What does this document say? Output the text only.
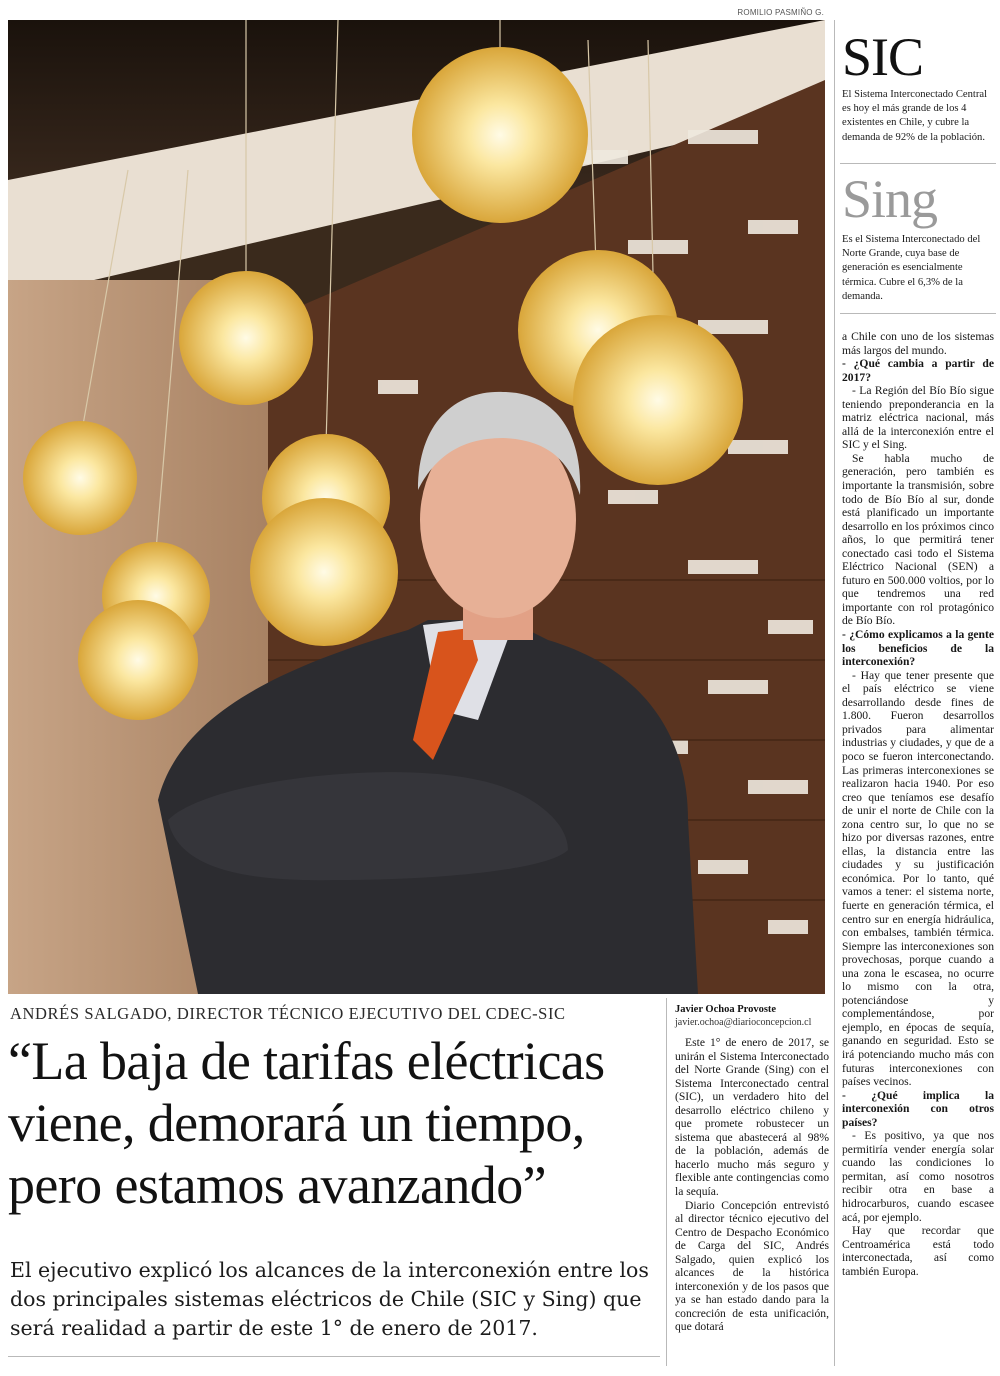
ROMILIO PASMIÑO G.
SIC
El Sistema Interconectado Central es hoy el más grande de los 4 existentes en Chile, y cubre la demanda de 92% de la población.
Sing
Es el Sistema Interconectado del Norte Grande, cuya base de generación es esencialmente térmica. Cubre el 6,3% de la demanda.
ANDRÉS SALGADO, DIRECTOR TÉCNICO EJECUTIVO DEL CDEC-SIC
“La baja de tarifas eléctricas viene, demorará un tiempo, pero estamos avanzando”
El ejecutivo explicó los alcances de la interconexión entre los dos principales sistemas eléctricos de Chile (SIC y Sing) que será realidad a partir de este 1° de enero de 2017.
Javier Ochoa Provoste
javier.ochoa@diarioconcepcion.cl

Este 1° de enero de 2017, se unirán el Sistema Interconectado del Norte Grande (Sing) con el Sistema Interconectado central (SIC), un verdadero hito del desarrollo eléctrico chileno y que promete robustecer un sistema que abastecerá al 98% de la población, además de hacerlo mucho más seguro y flexible ante contingencias como la sequía.

Diario Concepción entrevistó al director técnico ejecutivo del Centro de Despacho Económico de Carga del SIC, Andrés Salgado, quien explicó los alcances de la histórica interconexión y de los pasos que ya se han estado dando para la concreción de esta unificación, que dotará

a Chile con uno de los sistemas más largos del mundo.

- ¿Qué cambia a partir de 2017?

- La Región del Bío Bío sigue teniendo preponderancia en la matriz eléctrica nacional, más allá de la interconexión entre el SIC y el Sing.

Se habla mucho de generación, pero también es importante la transmisión, sobre todo de Bío Bío al sur, donde está planificado un importante desarrollo en los próximos cinco años, lo que permitirá tener conectado casi todo el Sistema Eléctrico Nacional (SEN) a futuro en 500.000 voltios, por lo que tendremos una red importante con rol protagónico de Bío Bío.

- ¿Cómo explicamos a la gente los beneficios de la interconexión?

- Hay que tener presente que el país eléctrico se viene desarrollando desde fines de 1.800. Fueron desarrollos privados para alimentar industrias y ciudades, y que de a poco se fueron interconectando. Las primeras interconexiones se realizaron hacia 1940. Por eso creo que teníamos ese desafío de unir el norte de Chile con la zona centro sur, lo que no se hizo por diversas razones, entre ellas, la distancia entre las ciudades y su justificación económica. Por lo tanto, qué vamos a tener: el sistema norte, fuerte en generación térmica, el centro sur en energía hidráulica, con embalses, también térmica. Siempre las interconexiones son provechosas, porque cuando a una zona le escasea, no ocurre lo mismo con la otra, potenciándose y complementándose, por ejemplo, en épocas de sequía, ganando en seguridad. Esto se irá potenciando mucho más con futuras interconexiones con países vecinos.

- ¿Qué implica la interconexión con otros países?

- Es positivo, ya que nos permitiría vender energía solar cuando las condiciones lo permitan, así como nosotros recibir otra en base a hidrocarburos, cuando escasee acá, por ejemplo.

Hay que recordar que Centroamérica está todo interconectada, así como también Europa.
